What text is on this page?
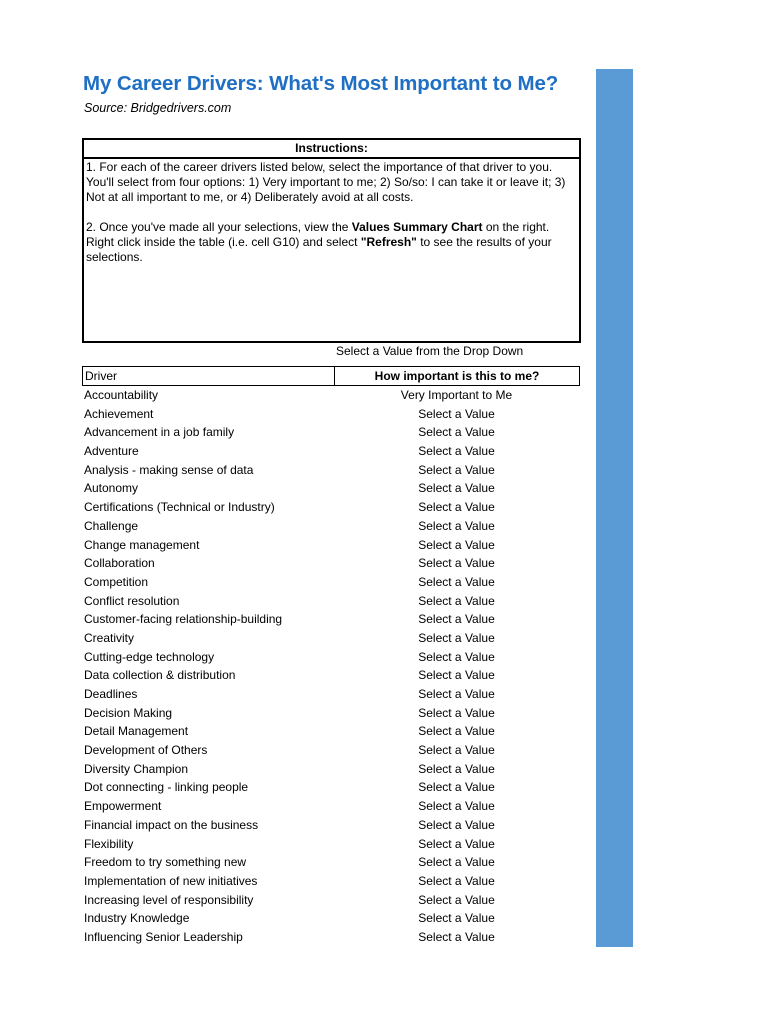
My Career Drivers: What's Most Important to Me?
Source: Bridgedrivers.com
Instructions:

1. For each of the career drivers listed below, select the importance of that driver to you. You'll select from four options: 1) Very important to me; 2) So/so: I can take it or leave it; 3) Not at all important to me, or 4) Deliberately avoid at all costs.

2. Once you've made all your selections, view the Values Summary Chart on the right. Right click inside the table (i.e. cell G10) and select "Refresh" to see the results of your selections.

Select a Value from the Drop Down
Driver	How important is this to me?
Accountability	Very Important to Me
Achievement	Select a Value
Advancement in a job family	Select a Value
Adventure	Select a Value
Analysis - making sense of data	Select a Value
Autonomy	Select a Value
Certifications (Technical or Industry)	Select a Value
Challenge	Select a Value
Change management	Select a Value
Collaboration	Select a Value
Competition	Select a Value
Conflict resolution	Select a Value
Customer-facing relationship-building	Select a Value
Creativity	Select a Value
Cutting-edge technology	Select a Value
Data collection & distribution	Select a Value
Deadlines	Select a Value
Decision Making	Select a Value
Detail Management	Select a Value
Development of Others	Select a Value
Diversity Champion	Select a Value
Dot connecting - linking people	Select a Value
Empowerment	Select a Value
Financial impact on the business	Select a Value
Flexibility	Select a Value
Freedom to try something new	Select a Value
Implementation of new initiatives	Select a Value
Increasing level of responsibility	Select a Value
Industry Knowledge	Select a Value
Influencing Senior Leadership	Select a Value
